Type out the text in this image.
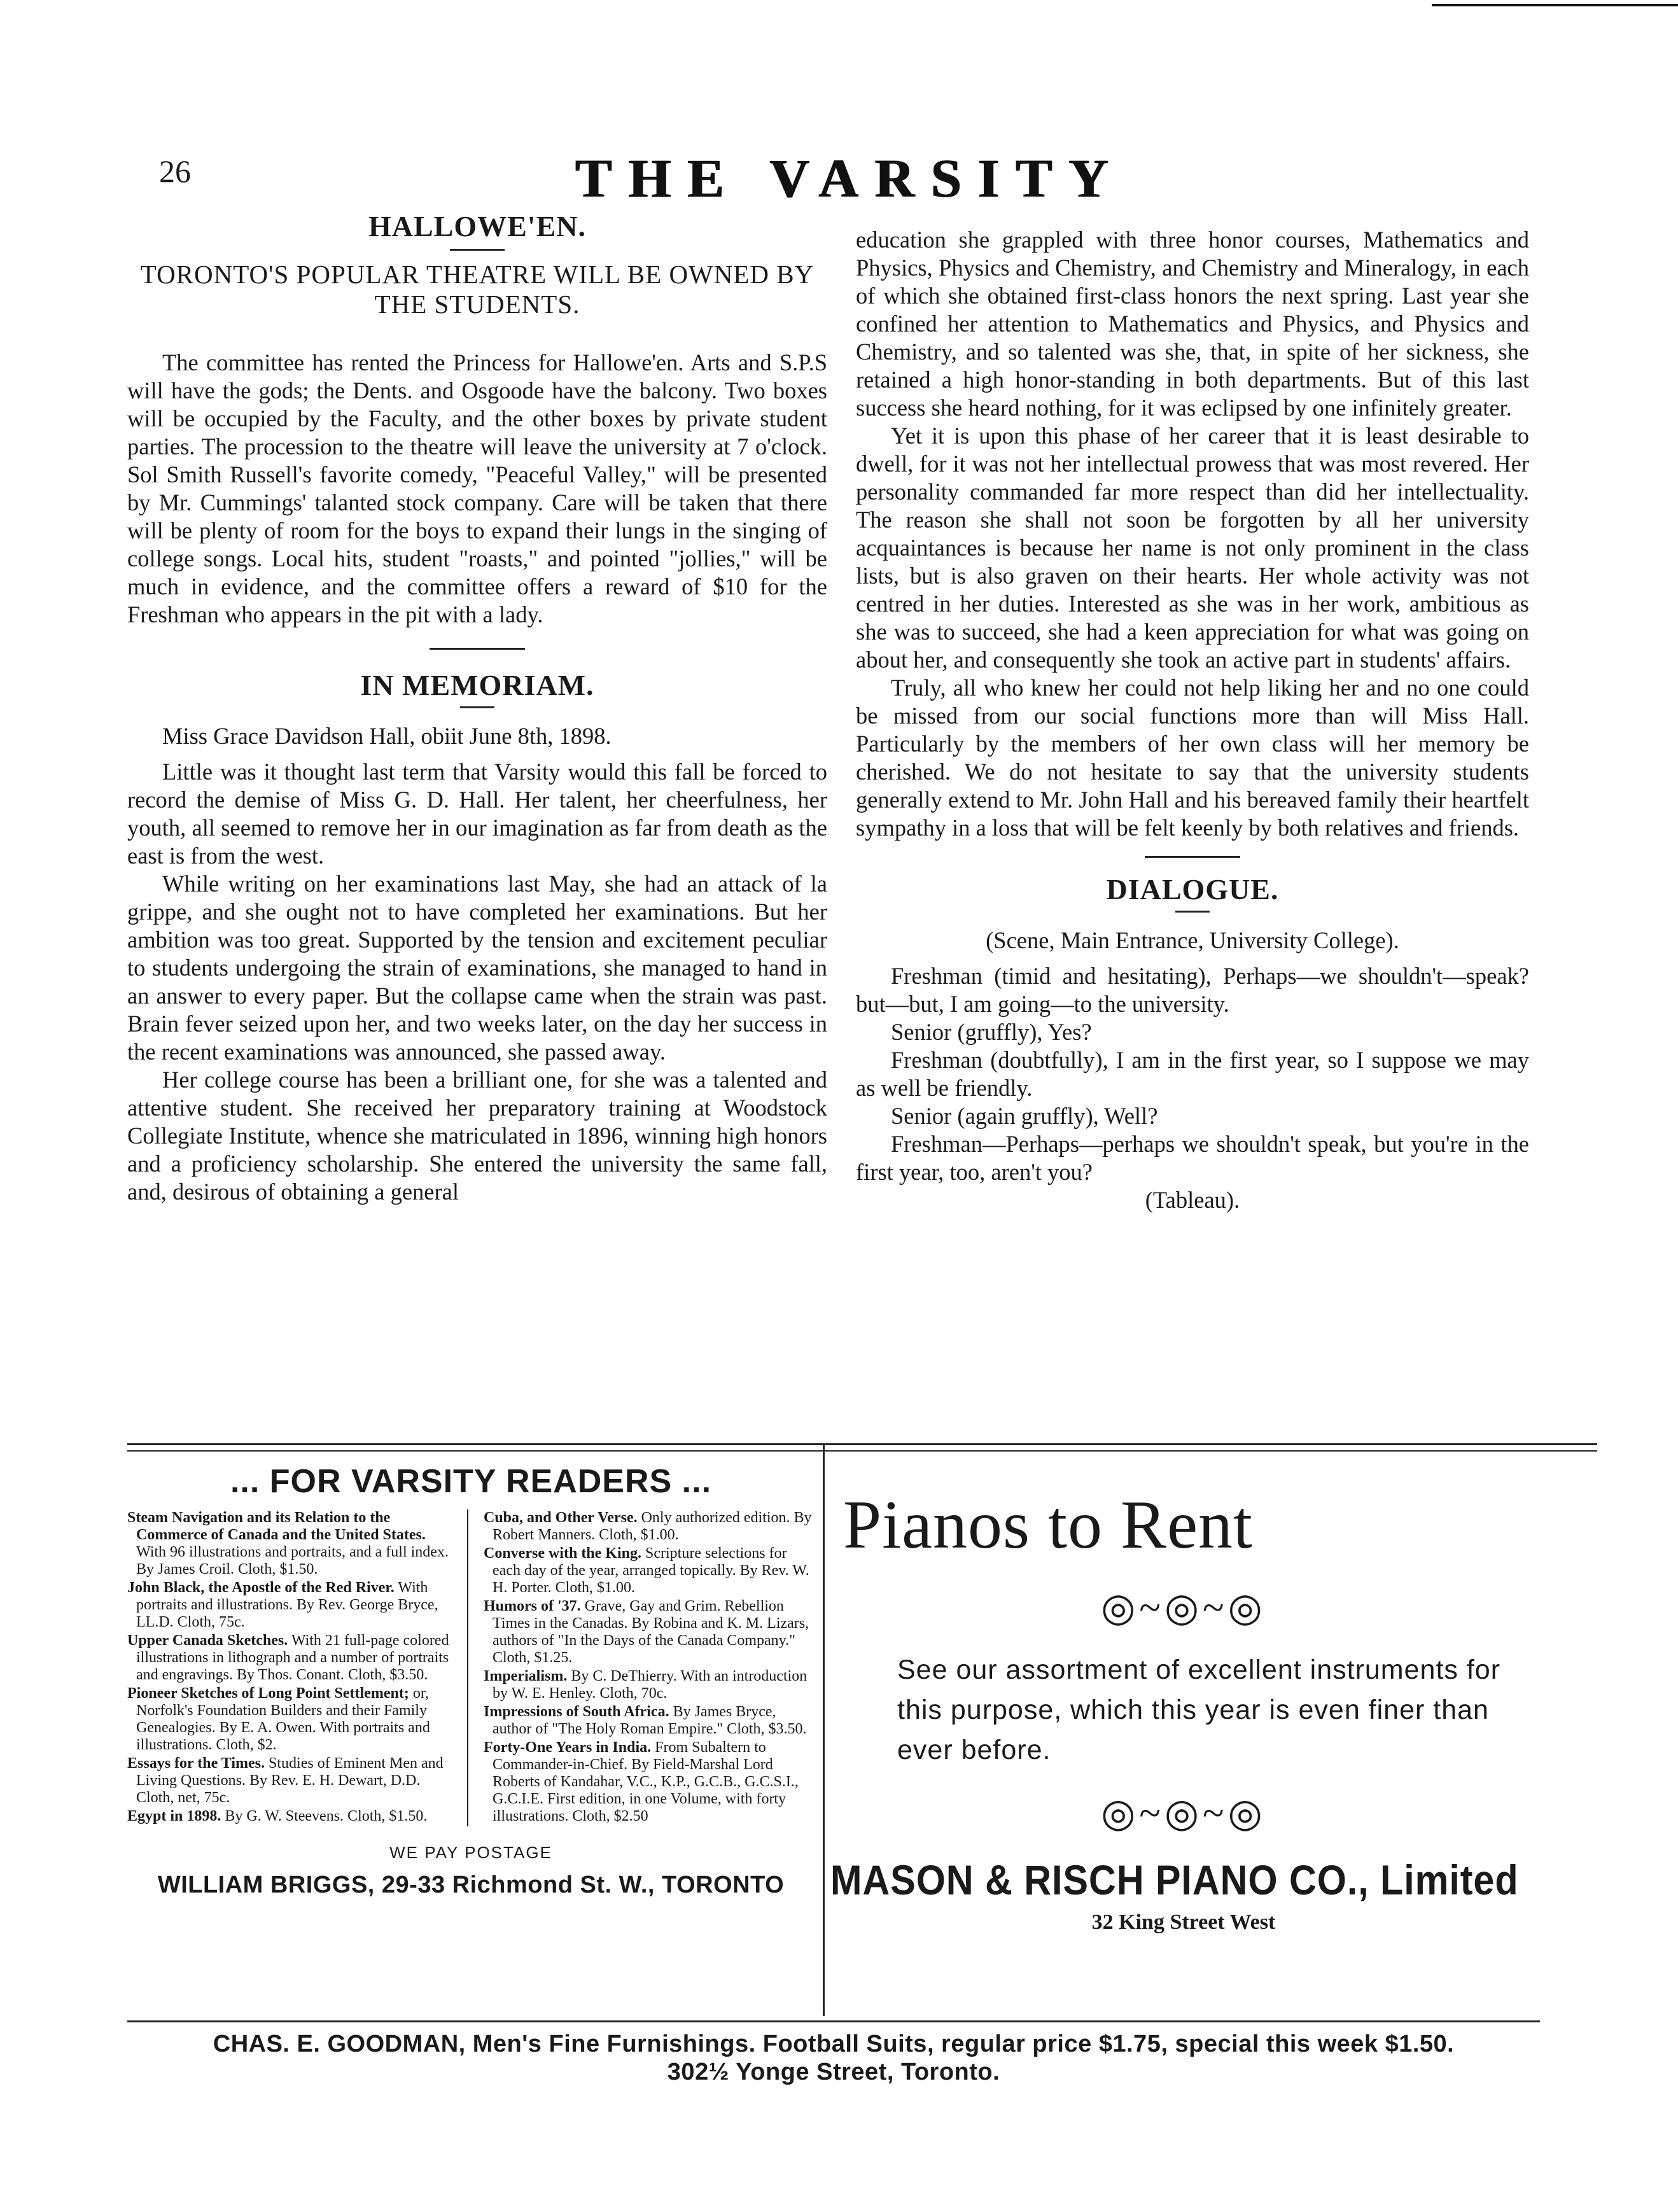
26	THE VARSITY
HALLOWE'EN.

TORONTO'S POPULAR THEATRE WILL BE OWNED BY THE STUDENTS.

The committee has rented the Princess for Hallowe'en. Arts and S.P.S will have the gods; the Dents. and Osgoode have the balcony. Two boxes will be occupied by the Faculty, and the other boxes by private student parties. The procession to the theatre will leave the university at 7 o'clock. Sol Smith Russell's favorite comedy, "Peaceful Valley," will be presented by Mr. Cummings' talanted stock company. Care will be taken that there will be plenty of room for the boys to expand their lungs in the singing of college songs. Local hits, student "roasts," and pointed "jollies," will be much in evidence, and the committee offers a reward of $10 for the Freshman who appears in the pit with a lady.

IN MEMORIAM.

Miss Grace Davidson Hall, obiit June 8th, 1898.

Little was it thought last term that Varsity would this fall be forced to record the demise of Miss G. D. Hall. Her talent, her cheerfulness, her youth, all seemed to remove her in our imagination as far from death as the east is from the west.

While writing on her examinations last May, she had an attack of la grippe, and she ought not to have completed her examinations. But her ambition was too great. Supported by the tension and excitement peculiar to students undergoing the strain of examinations, she managed to hand in an answer to every paper. But the collapse came when the strain was past. Brain fever seized upon her, and two weeks later, on the day her success in the recent examinations was announced, she passed away.

Her college course has been a brilliant one, for she was a talented and attentive student. She received her preparatory training at Woodstock Collegiate Institute, whence she matriculated in 1896, winning high honors and a proficiency scholarship. She entered the university the same fall, and, desirous of obtaining a general

education she grappled with three honor courses, Mathematics and Physics, Physics and Chemistry, and Chemistry and Mineralogy, in each of which she obtained first-class honors the next spring. Last year she confined her attention to Mathematics and Physics, and Physics and Chemistry, and so talented was she, that, in spite of her sickness, she retained a high honor-standing in both departments. But of this last success she heard nothing, for it was eclipsed by one infinitely greater.

Yet it is upon this phase of her career that it is least desirable to dwell, for it was not her intellectual prowess that was most revered. Her personality commanded far more respect than did her intellectuality. The reason she shall not soon be forgotten by all her university acquaintances is because her name is not only prominent in the class lists, but is also graven on their hearts. Her whole activity was not centred in her duties. Interested as she was in her work, ambitious as she was to succeed, she had a keen appreciation for what was going on about her, and consequently she took an active part in students' affairs.

Truly, all who knew her could not help liking her and no one could be missed from our social functions more than will Miss Hall. Particularly by the members of her own class will her memory be cherished. We do not hesitate to say that the university students generally extend to Mr. John Hall and his bereaved family their heartfelt sympathy in a loss that will be felt keenly by both relatives and friends.

DIALOGUE.

(Scene, Main Entrance, University College).

Freshman (timid and hesitating), Perhaps—we shouldn't—speak? but—but, I am going—to the university.

Senior (gruffly), Yes?

Freshman (doubtfully), I am in the first year, so I suppose we may as well be friendly.

Senior (again gruffly), Well?

Freshman—Perhaps—perhaps we shouldn't speak, but you're in the first year, too, aren't you?

(Tableau).

... FOR VARSITY READERS ...

Steam Navigation and its Relation to the Commerce of Canada and the United States. With 96 illustrations and portraits, and a full index. By James Croil. Cloth, $1.50.

John Black, the Apostle of the Red River. With portraits and illustrations. By Rev. George Bryce, LL.D. Cloth, 75c.

Upper Canada Sketches. With 21 full-page colored illustrations in lithograph and a number of portraits and engravings. By Thos. Conant. Cloth, $3.50.

Pioneer Sketches of Long Point Settlement; or, Norfolk's Foundation Builders and their Family Genealogies. By E. A. Owen. With portraits and illustrations. Cloth, $2.

Essays for the Times. Studies of Eminent Men and Living Questions. By Rev. E. H. Dewart, D.D. Cloth, net, 75c.

Egypt in 1898. By G. W. Steevens. Cloth, $1.50.

Cuba, and Other Verse. Only authorized edition. By Robert Manners. Cloth, $1.00.

Converse with the King. Scripture selections for each day of the year, arranged topically. By Rev. W. H. Porter. Cloth, $1.00.

Humors of '37. Grave, Gay and Grim. Rebellion Times in the Canadas. By Robina and K. M. Lizars, authors of "In the Days of the Canada Company." Cloth, $1.25.

Imperialism. By C. DeThierry. With an introduction by W. E. Henley. Cloth, 70c.

Impressions of South Africa. By James Bryce, author of "The Holy Roman Empire." Cloth, $3.50.

Forty-One Years in India. From Subaltern to Commander-in-Chief. By Field-Marshal Lord Roberts of Kandahar, V.C., K.P., G.C.B., G.C.S.I., G.C.I.E. First edition, in one Volume, with forty illustrations. Cloth, $2.50

WE PAY POSTAGE
WILLIAM BRIGGS, 29-33 Richmond St. W., TORONTO
Pianos to Rent
◎~◎~◎
See our assortment of excellent instruments for this purpose, which this year is even finer than ever before.
◎~◎~◎
MASON & RISCH PIANO CO., Limited
32 King Street West
CHAS. E. GOODMAN, Men's Fine Furnishings. Football Suits, regular price $1.75, special this week $1.50.
302½ Yonge Street, Toronto.
